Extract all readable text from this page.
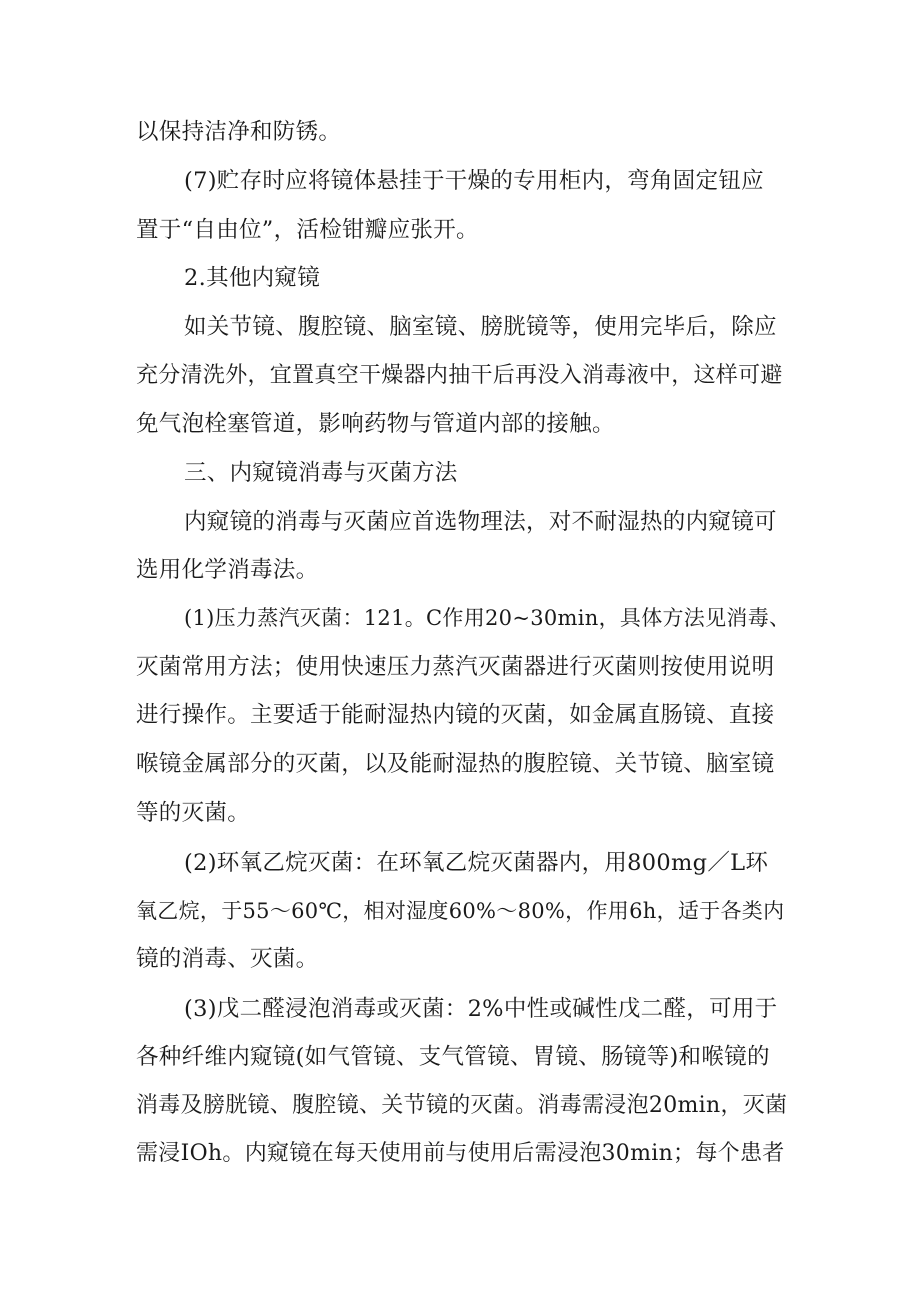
以保持洁净和防锈。
(7)贮存时应将镜体悬挂于干燥的专用柜内，弯角固定钮应
置于“自由位”，活检钳瓣应张开。
2.其他内窥镜
如关节镜、腹腔镜、脑室镜、膀胱镜等，使用完毕后，除应
充分清洗外，宜置真空干燥器内抽干后再没入消毒液中，这样可避
免气泡栓塞管道，影响药物与管道内部的接触。
三、内窥镜消毒与灭菌方法
内窥镜的消毒与灭菌应首选物理法，对不耐湿热的内窥镜可
选用化学消毒法。
(1)压力蒸汽灭菌：121。C作用20~30min，具体方法见消毒、
灭菌常用方法；使用快速压力蒸汽灭菌器进行灭菌则按使用说明
进行操作。主要适于能耐湿热内镜的灭菌，如金属直肠镜、直接
喉镜金属部分的灭菌，以及能耐湿热的腹腔镜、关节镜、脑室镜
等的灭菌。
(2)环氧乙烷灭菌：在环氧乙烷灭菌器内，用800mg／L环
氧乙烷，于55～60℃，相对湿度60%～80%，作用6h，适于各类内
镜的消毒、灭菌。
(3)戊二醛浸泡消毒或灭菌：2%中性或碱性戊二醛，可用于
各种纤维内窥镜(如气管镜、支气管镜、胃镜、肠镜等)和喉镜的
消毒及膀胱镜、腹腔镜、关节镜的灭菌。消毒需浸泡20min，灭菌
需浸IOh。内窥镜在每天使用前与使用后需浸泡30min；每个患者
